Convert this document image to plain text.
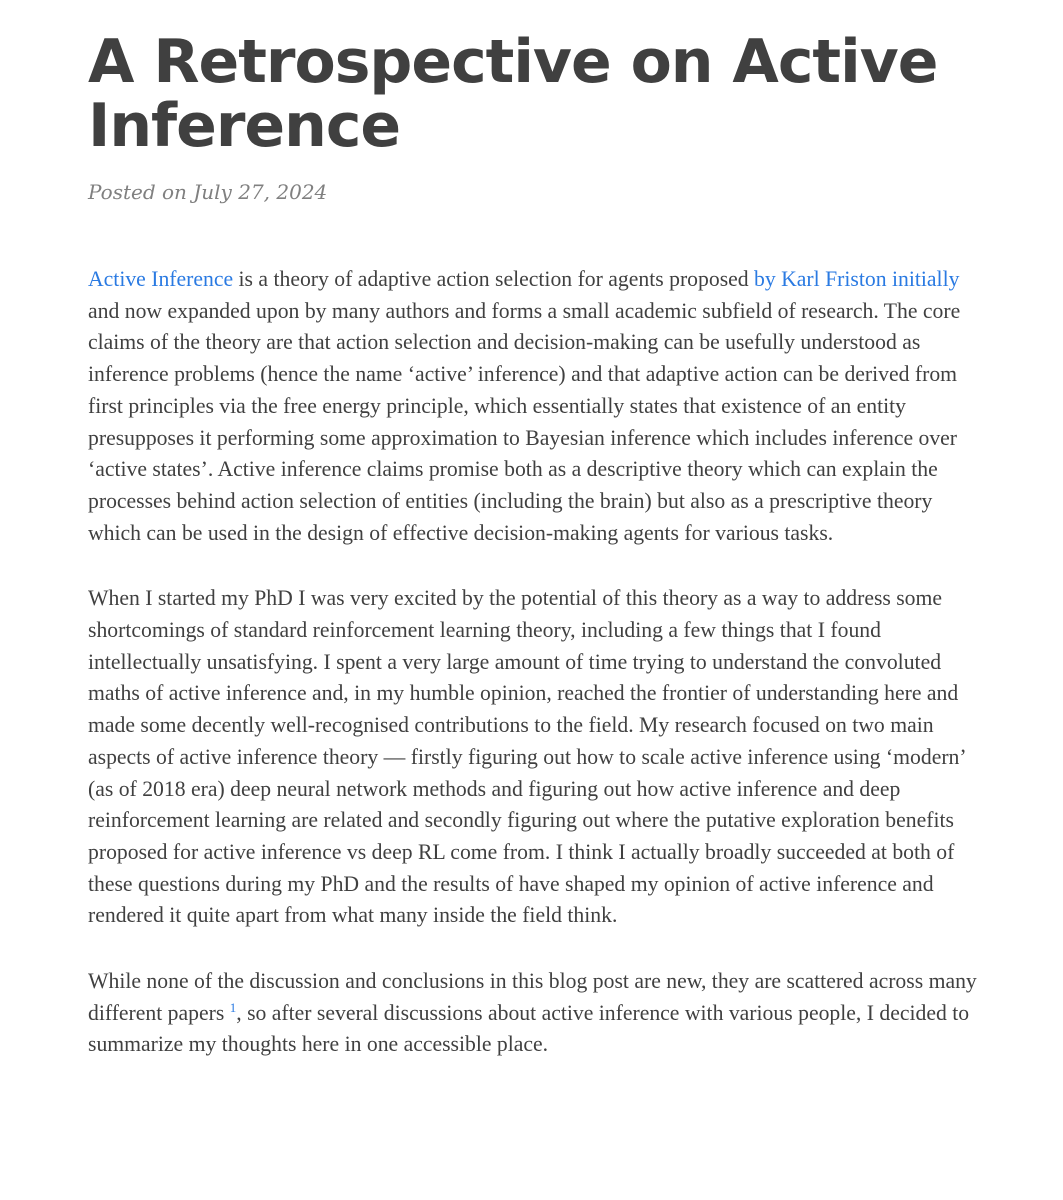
A Retrospective on Active Inference
Posted on July 27, 2024

Active Inference is a theory of adaptive action selection for agents proposed by Karl Friston initially and now expanded upon by many authors and forms a small academic subfield of research. The core claims of the theory are that action selection and decision-making can be usefully understood as inference problems (hence the name ‘active’ inference) and that adaptive action can be derived from first principles via the free energy principle, which essentially states that existence of an entity presupposes it performing some approximation to Bayesian inference which includes inference over ‘active states’. Active inference claims promise both as a descriptive theory which can explain the processes behind action selection of entities (including the brain) but also as a prescriptive theory which can be used in the design of effective decision-making agents for various tasks.

When I started my PhD I was very excited by the potential of this theory as a way to address some shortcomings of standard reinforcement learning theory, including a few things that I found intellectually unsatisfying. I spent a very large amount of time trying to understand the convoluted maths of active inference and, in my humble opinion, reached the frontier of understanding here and made some decently well-recognised contributions to the field. My research focused on two main aspects of active inference theory — firstly figuring out how to scale active inference using ‘modern’ (as of 2018 era) deep neural network methods and figuring out how active inference and deep reinforcement learning are related and secondly figuring out where the putative exploration benefits proposed for active inference vs deep RL come from. I think I actually broadly succeeded at both of these questions during my PhD and the results of have shaped my opinion of active inference and rendered it quite apart from what many inside the field think.

While none of the discussion and conclusions in this blog post are new, they are scattered across many different papers $^1$, so after several discussions about active inference with various people, I decided to summarize my thoughts here in one accessible place.
